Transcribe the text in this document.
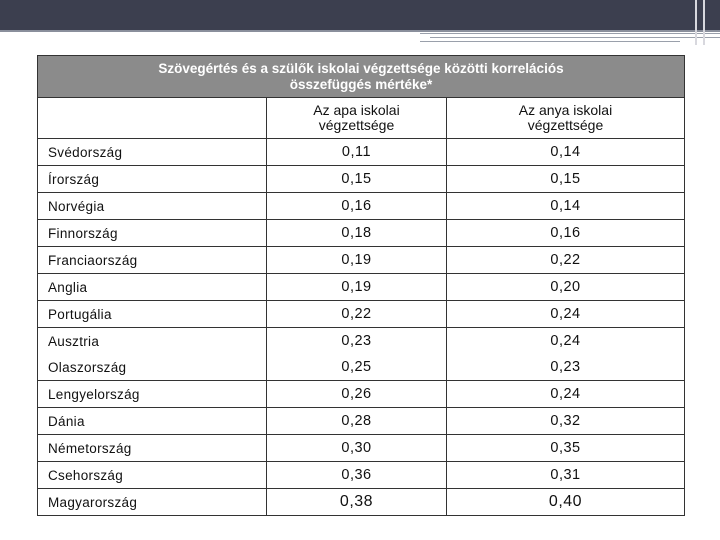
Szövegértés és a szülők iskolai végzettsége közötti korrelációs
összefüggés mértéke*		

	Az apa iskolai
végzettsége	Az anya iskolai
végzettsége

Svédország	0,11	0,14
Írország	0,15	0,15
Norvégia	0,16	0,14
Finnország	0,18	0,16
Franciaország	0,19	0,22
Anglia	0,19	0,20
Portugália	0,22	0,24
Ausztria	0,23	0,24
Olaszország	0,25	0,23
Lengyelország	0,26	0,24
Dánia	0,28	0,32
Németország	0,30	0,35
Csehország	0,36	0,31
Magyarország	0,38	0,40
